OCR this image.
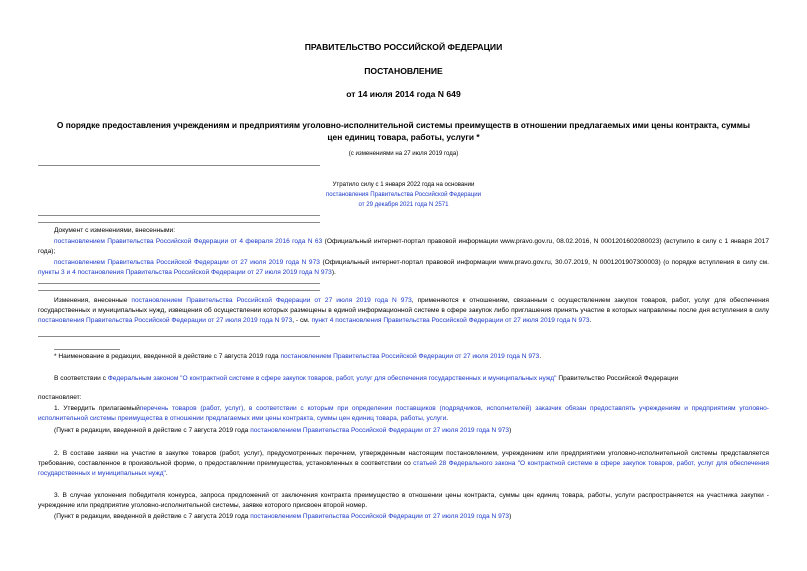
ПРАВИТЕЛЬСТВО РОССИЙСКОЙ ФЕДЕРАЦИИ
ПОСТАНОВЛЕНИЕ
от 14 июля 2014 года N 649
О порядке предоставления учреждениям и предприятиям уголовно-исполнительной системы преимуществ в отношении предлагаемых ими цены контракта, суммы
цен единиц товара, работы, услуги *
(с изменениями на 27 июля 2019 года)
Утратило силу с 1 января 2022 года на основании
постановления Правительства Российской Федерации
от 29 декабря 2021 года N 2571
Документ с изменениями, внесенными:
постановлением Правительства Российской Федерации от 4 февраля 2016 года N 63 (Официальный интернет-портал правовой информации www.pravo.gov.ru, 08.02.2016, N 0001201602080023) (вступило в силу с 1 января 2017 года);
постановлением Правительства Российской Федерации от 27 июля 2019 года N 973 (Официальный интернет-портал правовой информации www.pravo.gov.ru, 30.07.2019, N 0001201907300003) (о порядке вступления в силу см. пункты 3 и 4 постановления Правительства Российской Федерации от 27 июля 2019 года N 973).
Изменения, внесенные постановлением Правительства Российской Федерации от 27 июля 2019 года N 973, применяются к отношениям, связанным с осуществлением закупок товаров, работ, услуг для обеспечения государственных и муниципальных нужд, извещения об осуществлении которых размещены в единой информационной системе в сфере закупок либо приглашения принять участие в которых направлены после дня вступления в силу постановления Правительства Российской Федерации от 27 июля 2019 года N 973, - см. пункт 4 постановления Правительства Российской Федерации от 27 июля 2019 года N 973.
* Наименование в редакции, введенной в действие с 7 августа 2019 года постановлением Правительства Российской Федерации от 27 июля 2019 года N 973.
В соответствии с Федеральным законом "О контрактной системе в сфере закупок товаров, работ, услуг для обеспечения государственных и муниципальных нужд" Правительство Российской Федерации
постановляет:
1. Утвердить прилагаемыйперечень товаров (работ, услуг), в соответствии с которым при определении поставщиков (подрядчиков, исполнителей) заказчик обязан предоставлять учреждениям и предприятиям уголовно-исполнительной системы преимущества в отношении предлагаемых ими цены контракта, суммы цен единиц товара, работы, услуги.
(Пункт в редакции, введенной в действие с 7 августа 2019 года постановлением Правительства Российской Федерации от 27 июля 2019 года N 973)
2. В составе заявки на участие в закупке товаров (работ, услуг), предусмотренных перечнем, утвержденным настоящим постановлением, учреждением или предприятием уголовно-исполнительной системы представляется требование, составленное в произвольной форме, о предоставлении преимущества, установленных в соответствии со статьей 28 Федерального закона "О контрактной системе в сфере закупок товаров, работ, услуг для обеспечения государственных и муниципальных нужд".
3. В случае уклонения победителя конкурса, запроса предложений от заключения контракта преимущество в отношении цены контракта, суммы цен единиц товара, работы, услуги распространяется на участника закупки - учреждение или предприятие уголовно-исполнительной системы, заявке которого присвоен второй номер.
(Пункт в редакции, введенной в действие с 7 августа 2019 года постановлением Правительства Российской Федерации от 27 июля 2019 года N 973)
